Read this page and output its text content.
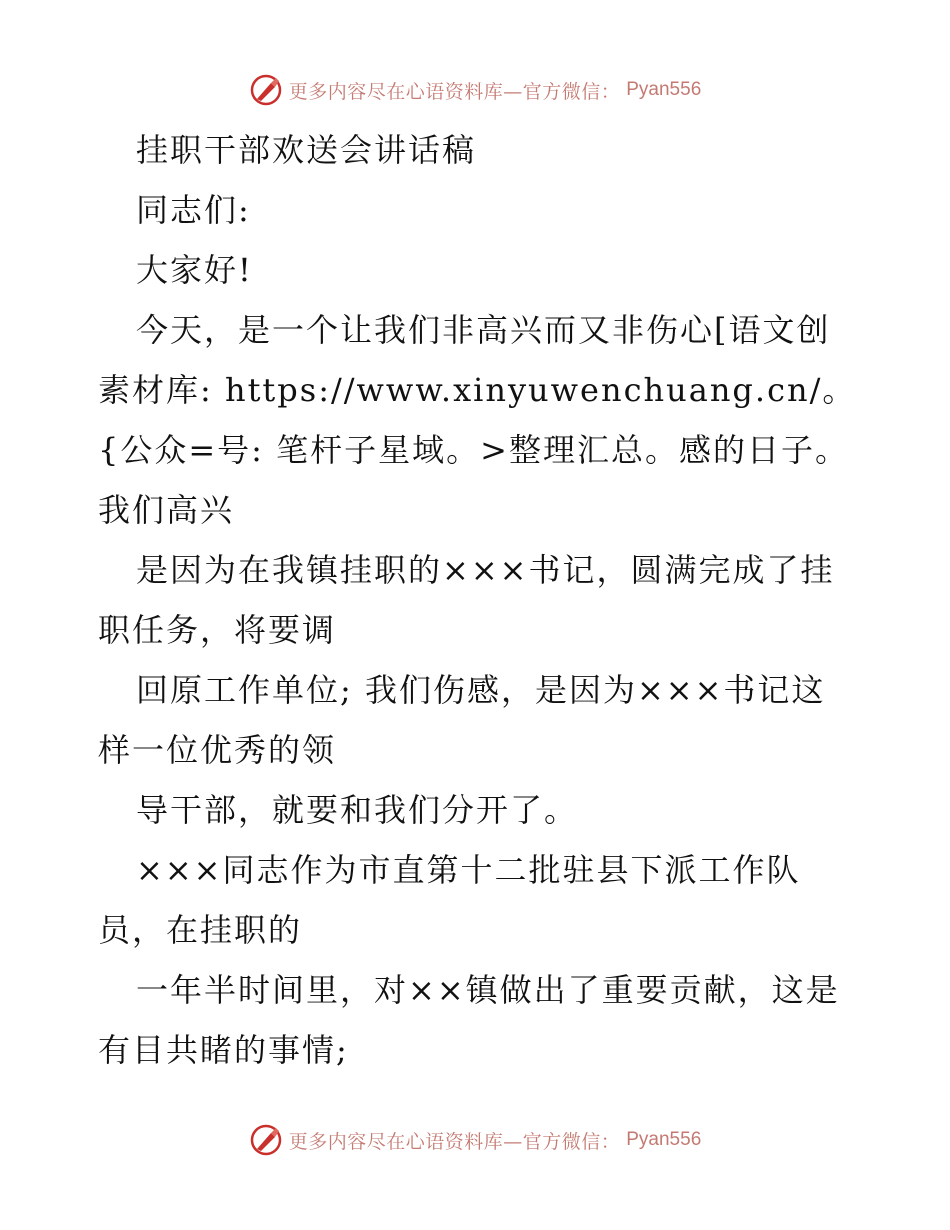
更多内容尽在心语资料库—官方微信： Pyan556

挂职干部欢送会讲话稿

同志们:

大家好!

今天，是一个让我们非高兴而又非伤心[语文创素材库: https://www.xinyuwenchuang.cn/。{公众=号: 笔杆子星域。>整理汇总。感的日子。我们高兴

是因为在我镇挂职的×××书记，圆满完成了挂职任务，将要调

回原工作单位; 我们伤感，是因为×××书记这样一位优秀的领

导干部，就要和我们分开了。

×××同志作为市直第十二批驻县下派工作队员，在挂职的

一年半时间里，对××镇做出了重要贡献，这是有目共睹的事情;

更多内容尽在心语资料库—官方微信： Pyan556
